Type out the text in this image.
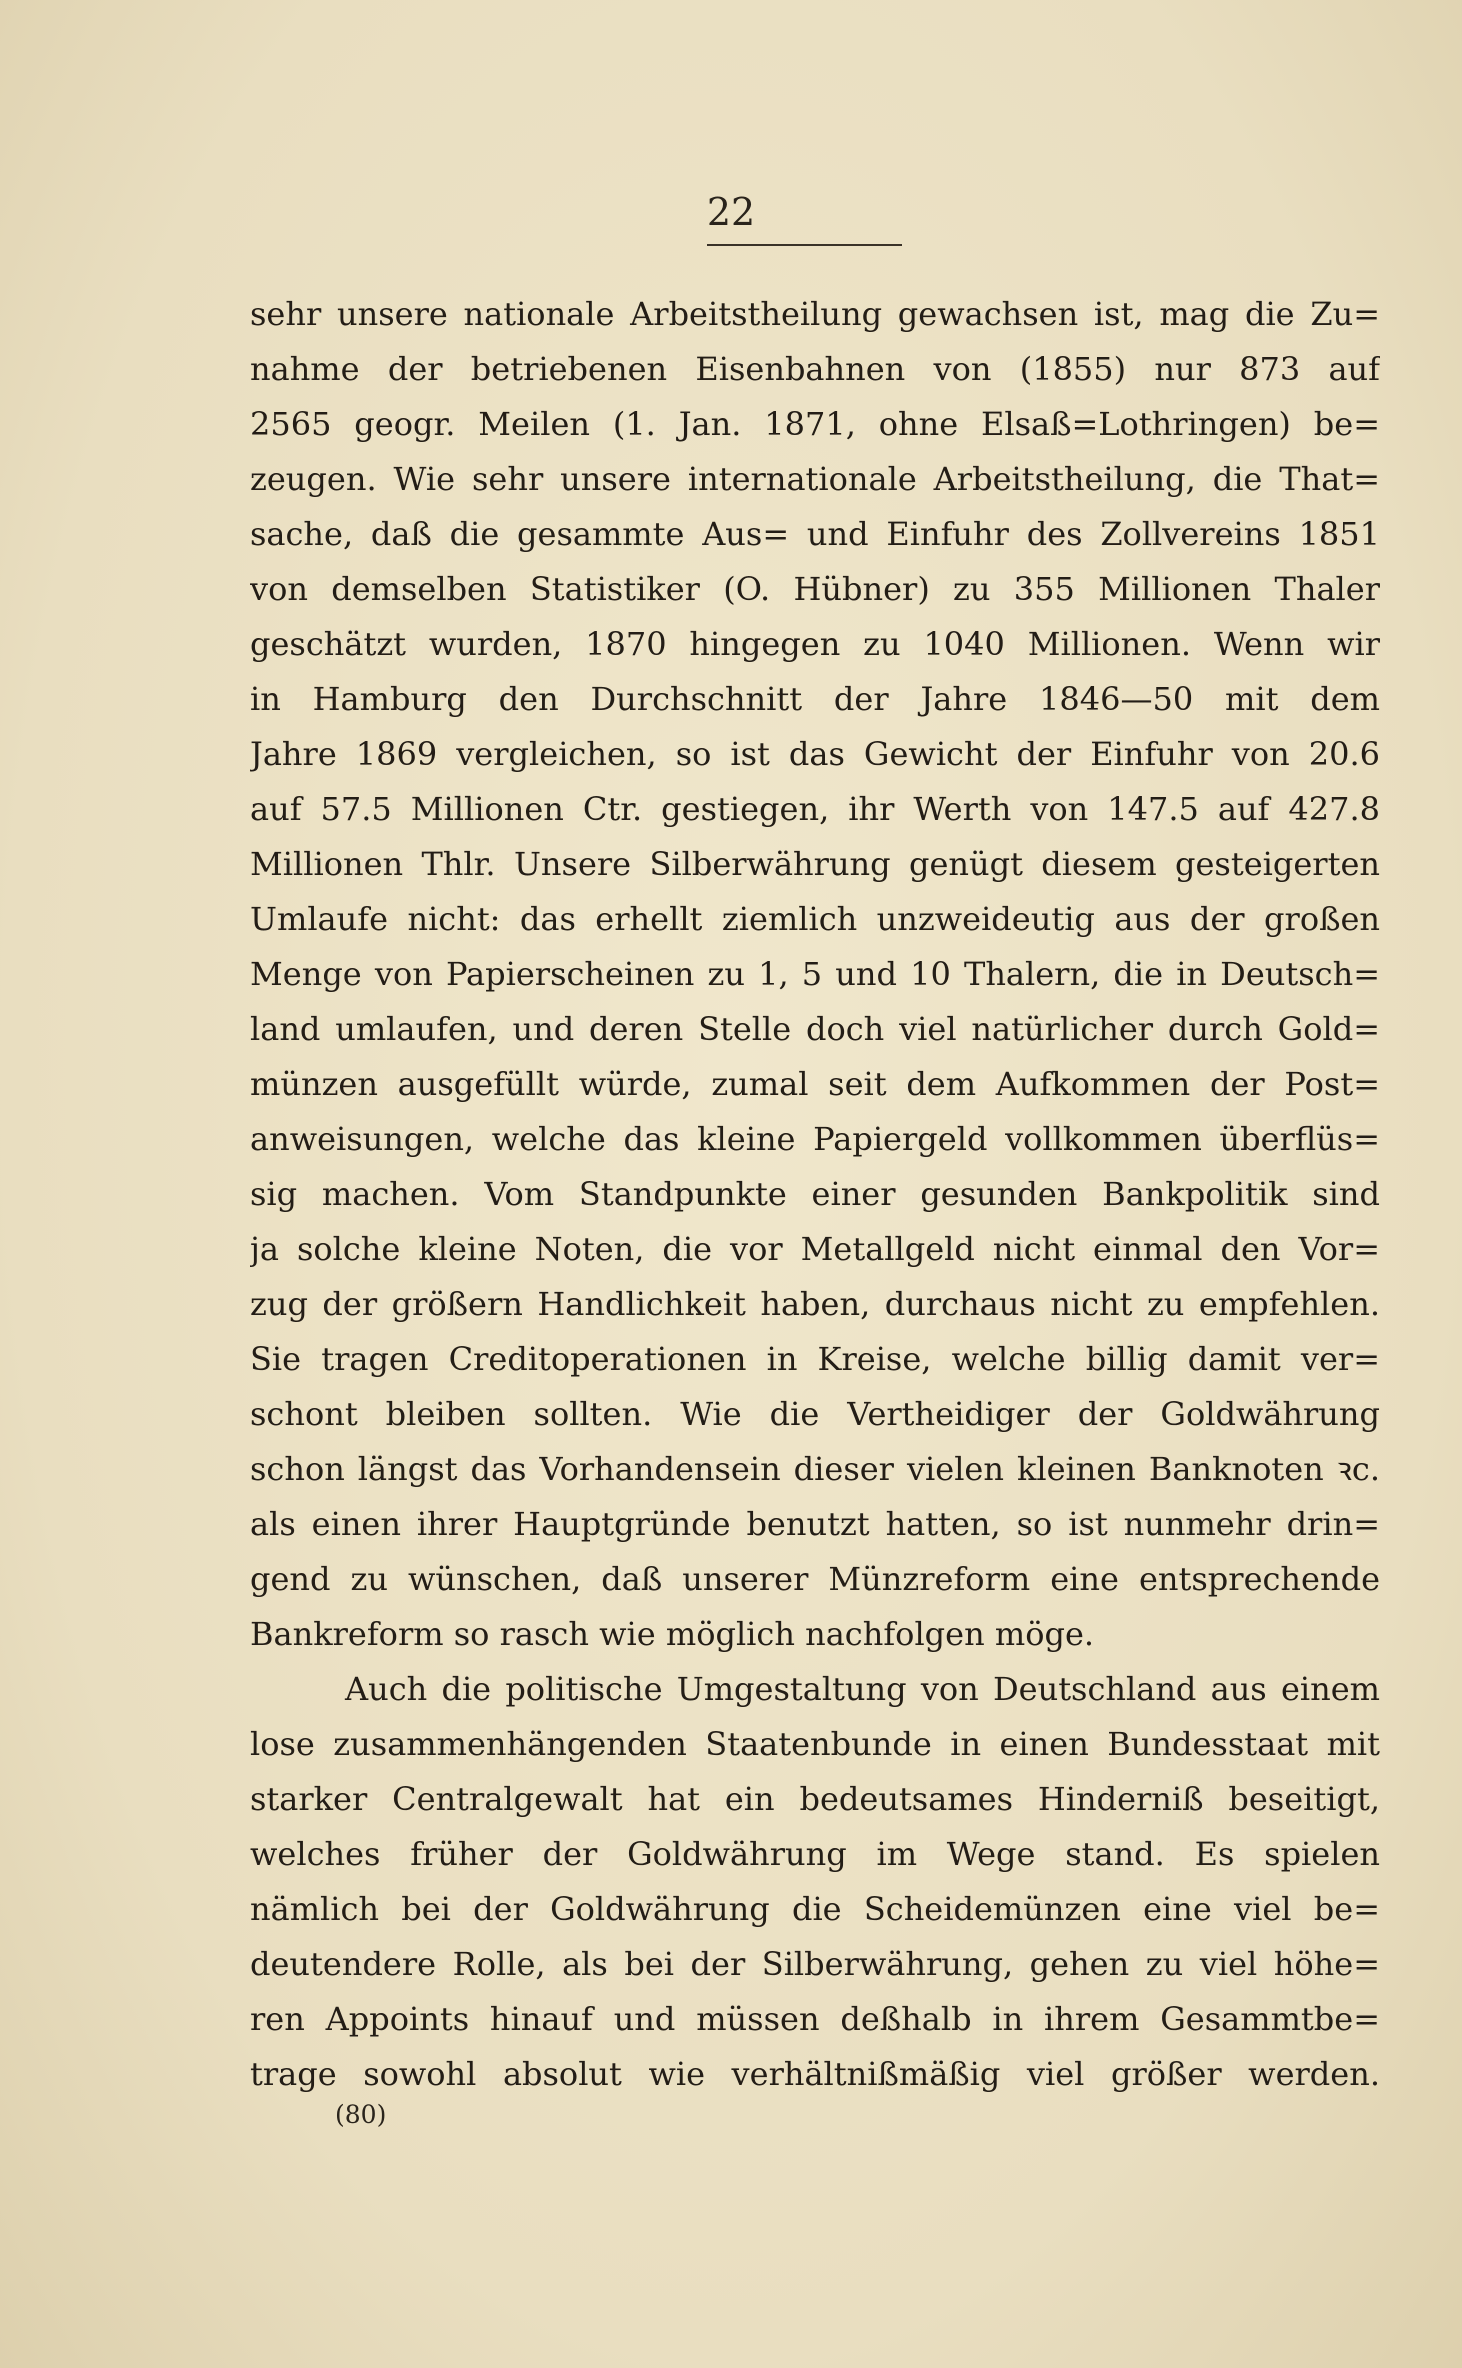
22
sehr unsere nationale Arbeitstheilung gewachsen ist, mag die Zu=
nahme der betriebenen Eisenbahnen von (1855) nur 873 auf
2565 geogr. Meilen (1. Jan. 1871, ohne Elsaß=Lothringen) be=
zeugen. Wie sehr unsere internationale Arbeitstheilung, die That=
sache, daß die gesammte Aus= und Einfuhr des Zollvereins 1851
von demselben Statistiker (O. Hübner) zu 355 Millionen Thaler
geschätzt wurden, 1870 hingegen zu 1040 Millionen. Wenn wir
in Hamburg den Durchschnitt der Jahre 1846—50 mit dem
Jahre 1869 vergleichen, so ist das Gewicht der Einfuhr von 20.6
auf 57.5 Millionen Ctr. gestiegen, ihr Werth von 147.5 auf 427.8
Millionen Thlr. Unsere Silberwährung genügt diesem gesteigerten
Umlaufe nicht: das erhellt ziemlich unzweideutig aus der großen
Menge von Papierscheinen zu 1, 5 und 10 Thalern, die in Deutsch=
land umlaufen, und deren Stelle doch viel natürlicher durch Gold=
münzen ausgefüllt würde, zumal seit dem Aufkommen der Post=
anweisungen, welche das kleine Papiergeld vollkommen überflüs=
sig machen. Vom Standpunkte einer gesunden Bankpolitik sind
ja solche kleine Noten, die vor Metallgeld nicht einmal den Vor=
zug der größern Handlichkeit haben, durchaus nicht zu empfehlen.
Sie tragen Creditoperationen in Kreise, welche billig damit ver=
schont bleiben sollten. Wie die Vertheidiger der Goldwährung
schon längst das Vorhandensein dieser vielen kleinen Banknoten ꝛc.
als einen ihrer Hauptgründe benutzt hatten, so ist nunmehr drin=
gend zu wünschen, daß unserer Münzreform eine entsprechende
Bankreform so rasch wie möglich nachfolgen möge.
Auch die politische Umgestaltung von Deutschland aus einem
lose zusammenhängenden Staatenbunde in einen Bundesstaat mit
starker Centralgewalt hat ein bedeutsames Hinderniß beseitigt,
welches früher der Goldwährung im Wege stand. Es spielen
nämlich bei der Goldwährung die Scheidemünzen eine viel be=
deutendere Rolle, als bei der Silberwährung, gehen zu viel höhe=
ren Appoints hinauf und müssen deßhalb in ihrem Gesammtbe=
trage sowohl absolut wie verhältnißmäßig viel größer werden.
(80)
